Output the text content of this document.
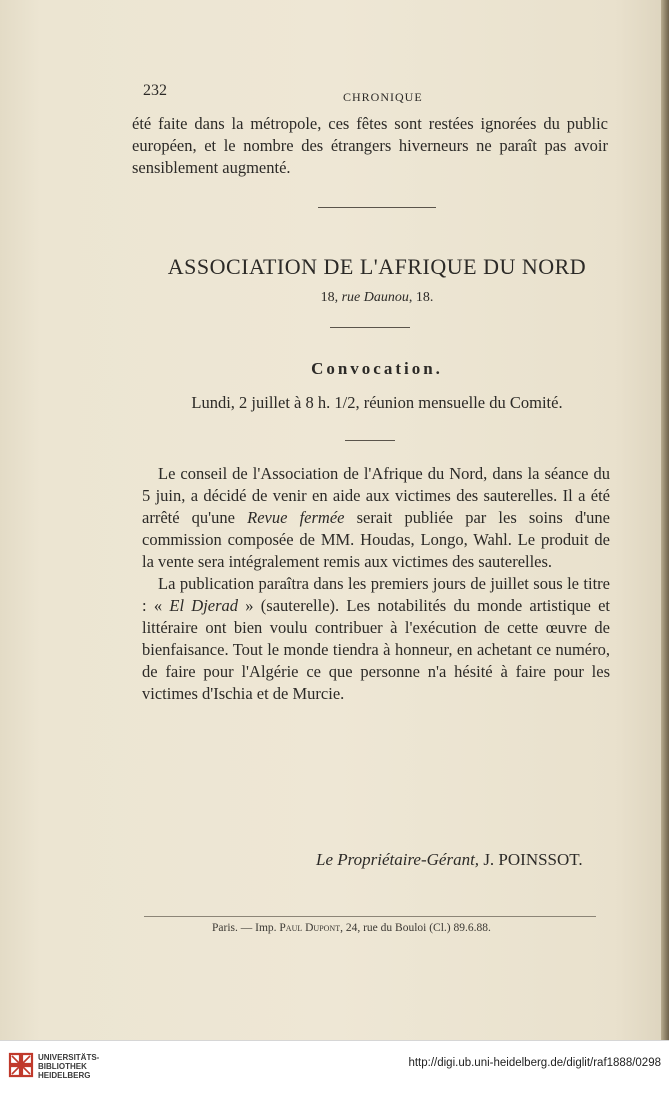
232	CHRONIQUE

été faite dans la métropole, ces fêtes sont restées ignorées du public européen, et le nombre des étrangers hiverneurs ne paraît pas avoir sensiblement augmenté.

ASSOCIATION DE L'AFRIQUE DU NORD
18, rue Daunou, 18.
Convocation.
Lundi, 2 juillet à 8 h. 1/2, réunion mensuelle du Comité.

Le conseil de l'Association de l'Afrique du Nord, dans la séance du 5 juin, a décidé de venir en aide aux victimes des sauterelles. Il a été arrêté qu'une Revue fermée serait publiée par les soins d'une commission composée de MM. Houdas, Longo, Wahl. Le produit de la vente sera intégralement remis aux victimes des sauterelles.

La publication paraîtra dans les premiers jours de juillet sous le titre : « El Djerad » (sauterelle). Les notabilités du monde artistique et littéraire ont bien voulu contribuer à l'exécution de cette œuvre de bienfaisance. Tout le monde tiendra à honneur, en achetant ce numéro, de faire pour l'Algérie ce que personne n'a hésité à faire pour les victimes d'Ischia et de Murcie.

Le Propriétaire-Gérant, J. POINSSOT.
Paris. — Imp. Paul Dupont, 24, rue du Bouloi (Cl.) 89.6.88.
UNIVERSITÄTS-
BIBLIOTHEK
HEIDELBERG
http://digi.ub.uni-heidelberg.de/diglit/raf1888/0298
